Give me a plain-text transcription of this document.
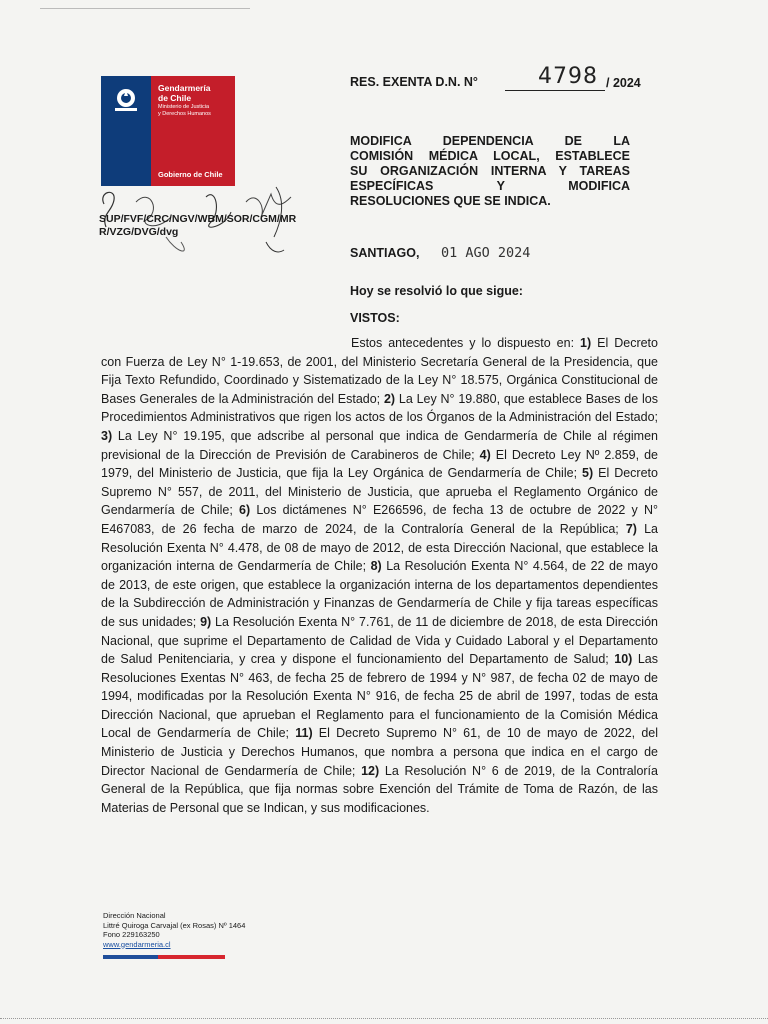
Gendarmería
de Chile
Ministerio de Justicia
y Derechos Humanos
Gobierno de Chile
SUP/FVF/CRC/NGV/WBM/SOR/CGM/MR
R/VZG/DVG/dvg
RES. EXENTA D.N. N°	4798 / 2024
MODIFICA DEPENDENCIA DE LA
COMISIÓN MÉDICA LOCAL, ESTABLECE
SU ORGANIZACIÓN INTERNA Y TAREAS
ESPECÍFICAS Y MODIFICA
RESOLUCIONES QUE SE INDICA.
SANTIAGO, 01 AGO 2024
Hoy se resolvió lo que sigue:
VISTOS:

Estos antecedentes y lo dispuesto en: 1) El Decreto con Fuerza de Ley N° 1-19.653, de 2001, del Ministerio Secretaría General de la Presidencia, que Fija Texto Refundido, Coordinado y Sistematizado de la Ley N° 18.575, Orgánica Constitucional de Bases Generales de la Administración del Estado; 2) La Ley N° 19.880, que establece Bases de los Procedimientos Administrativos que rigen los actos de los Órganos de la Administración del Estado; 3) La Ley N° 19.195, que adscribe al personal que indica de Gendarmería de Chile al régimen previsional de la Dirección de Previsión de Carabineros de Chile; 4) El Decreto Ley Nº 2.859, de 1979, del Ministerio de Justicia, que fija la Ley Orgánica de Gendarmería de Chile; 5) El Decreto Supremo N° 557, de 2011, del Ministerio de Justicia, que aprueba el Reglamento Orgánico de Gendarmería de Chile; 6) Los dictámenes N° E266596, de fecha 13 de octubre de 2022 y N° E467083, de 26 fecha de marzo de 2024, de la Contraloría General de la República; 7) La Resolución Exenta N° 4.478, de 08 de mayo de 2012, de esta Dirección Nacional, que establece la organización interna de Gendarmería de Chile; 8) La Resolución Exenta N° 4.564, de 22 de mayo de 2013, de este origen, que establece la organización interna de los departamentos dependientes de la Subdirección de Administración y Finanzas de Gendarmería de Chile y fija tareas específicas de sus unidades; 9) La Resolución Exenta N° 7.761, de 11 de diciembre de 2018, de esta Dirección Nacional, que suprime el Departamento de Calidad de Vida y Cuidado Laboral y el Departamento de Salud Penitenciaria, y crea y dispone el funcionamiento del Departamento de Salud; 10) Las Resoluciones Exentas N° 463, de fecha 25 de febrero de 1994 y N° 987, de fecha 02 de mayo de 1994, modificadas por la Resolución Exenta N° 916, de fecha 25 de abril de 1997, todas de esta Dirección Nacional, que aprueban el Reglamento para el funcionamiento de la Comisión Médica Local de Gendarmería de Chile; 11) El Decreto Supremo N° 61, de 10 de mayo de 2022, del Ministerio de Justicia y Derechos Humanos, que nombra a persona que indica en el cargo de Director Nacional de Gendarmería de Chile; 12) La Resolución N° 6 de 2019, de la Contraloría General de la República, que fija normas sobre Exención del Trámite de Toma de Razón, de las Materias de Personal que se Indican, y sus modificaciones.

Dirección Nacional
Littré Quiroga Carvajal (ex Rosas) Nº 1464
Fono 229163250
www.gendarmeria.cl
